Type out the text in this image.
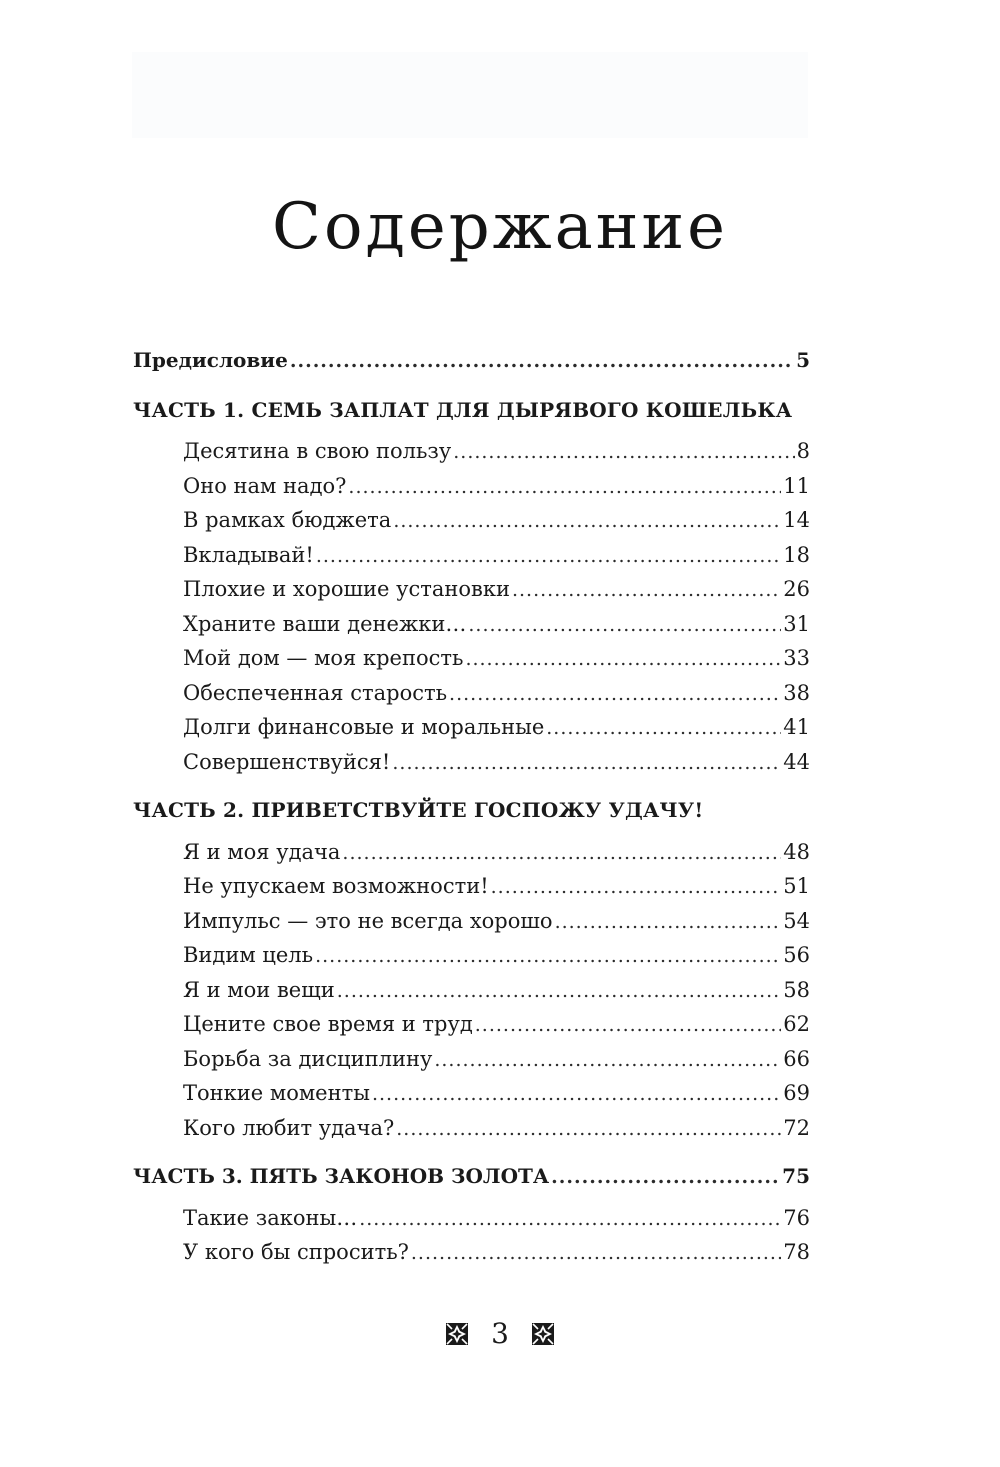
Содержание
Предисловие .....	5
ЧАСТЬ 1. СЕМЬ ЗАПЛАТ ДЛЯ ДЫРЯВОГО КОШЕЛЬКА
Десятина в свою пользу .....	8
Оно нам надо? .....	11
В рамках бюджета .....	14
Вкладывай! .....	18
Плохие и хорошие установки .....	26
Храните ваши денежки… .....	31
Мой дом — моя крепость .....	33
Обеспеченная старость .....	38
Долги финансовые и моральные .....	41
Совершенствуйся! .....	44
ЧАСТЬ 2. ПРИВЕТСТВУЙТЕ ГОСПОЖУ УДАЧУ!
Я и моя удача .....	48
Не упускаем возможности! .....	51
Импульс — это не всегда хорошо .....	54
Видим цель .....	56
Я и мои вещи .....	58
Цените свое время и труд .....	62
Борьба за дисциплину .....	66
Тонкие моменты .....	69
Кого любит удача? .....	72
ЧАСТЬ 3. ПЯТЬ ЗАКОНОВ ЗОЛОТА .....	75
Такие законы… .....	76
У кого бы спросить? .....	78
3
